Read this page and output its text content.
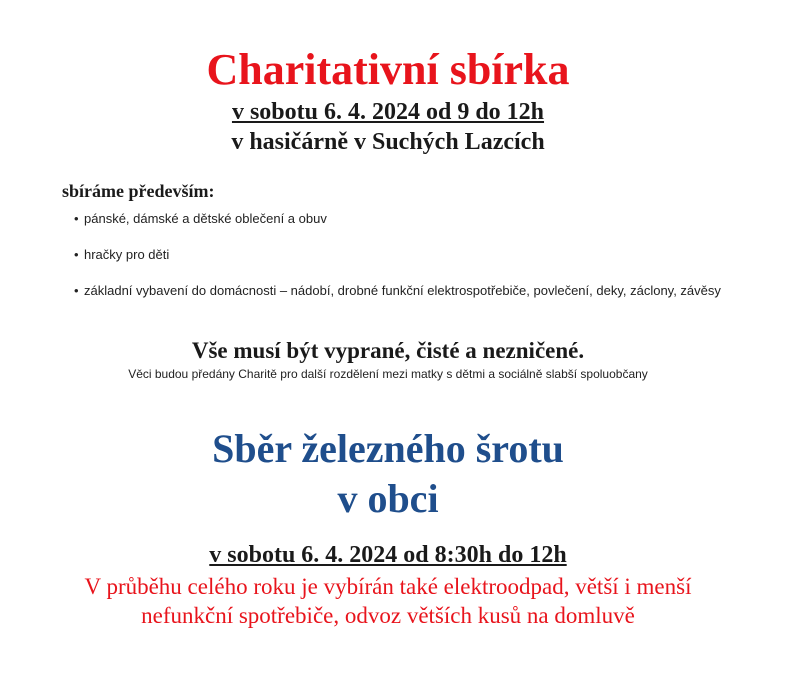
Charitativní sbírka
v sobotu 6. 4. 2024 od 9 do 12h
v hasičárně v Suchých Lazcích
sbíráme především:
• pánské, dámské a dětské oblečení a obuv
• hračky pro děti
• základní vybavení do domácnosti – nádobí, drobné funkční elektrospotřebiče, povlečení, deky, záclony, závěsy
Vše musí být vyprané, čisté a nezničené.
Věci budou předány Charitě pro další rozdělení mezi matky s dětmi a sociálně slabší spoluobčany
Sběr železného šrotu
v obci
v sobotu 6. 4. 2024 od 8:30h do 12h
V průběhu celého roku je vybírán také elektroodpad, větší i menší nefunkční spotřebiče, odvoz větších kusů na domluvě
